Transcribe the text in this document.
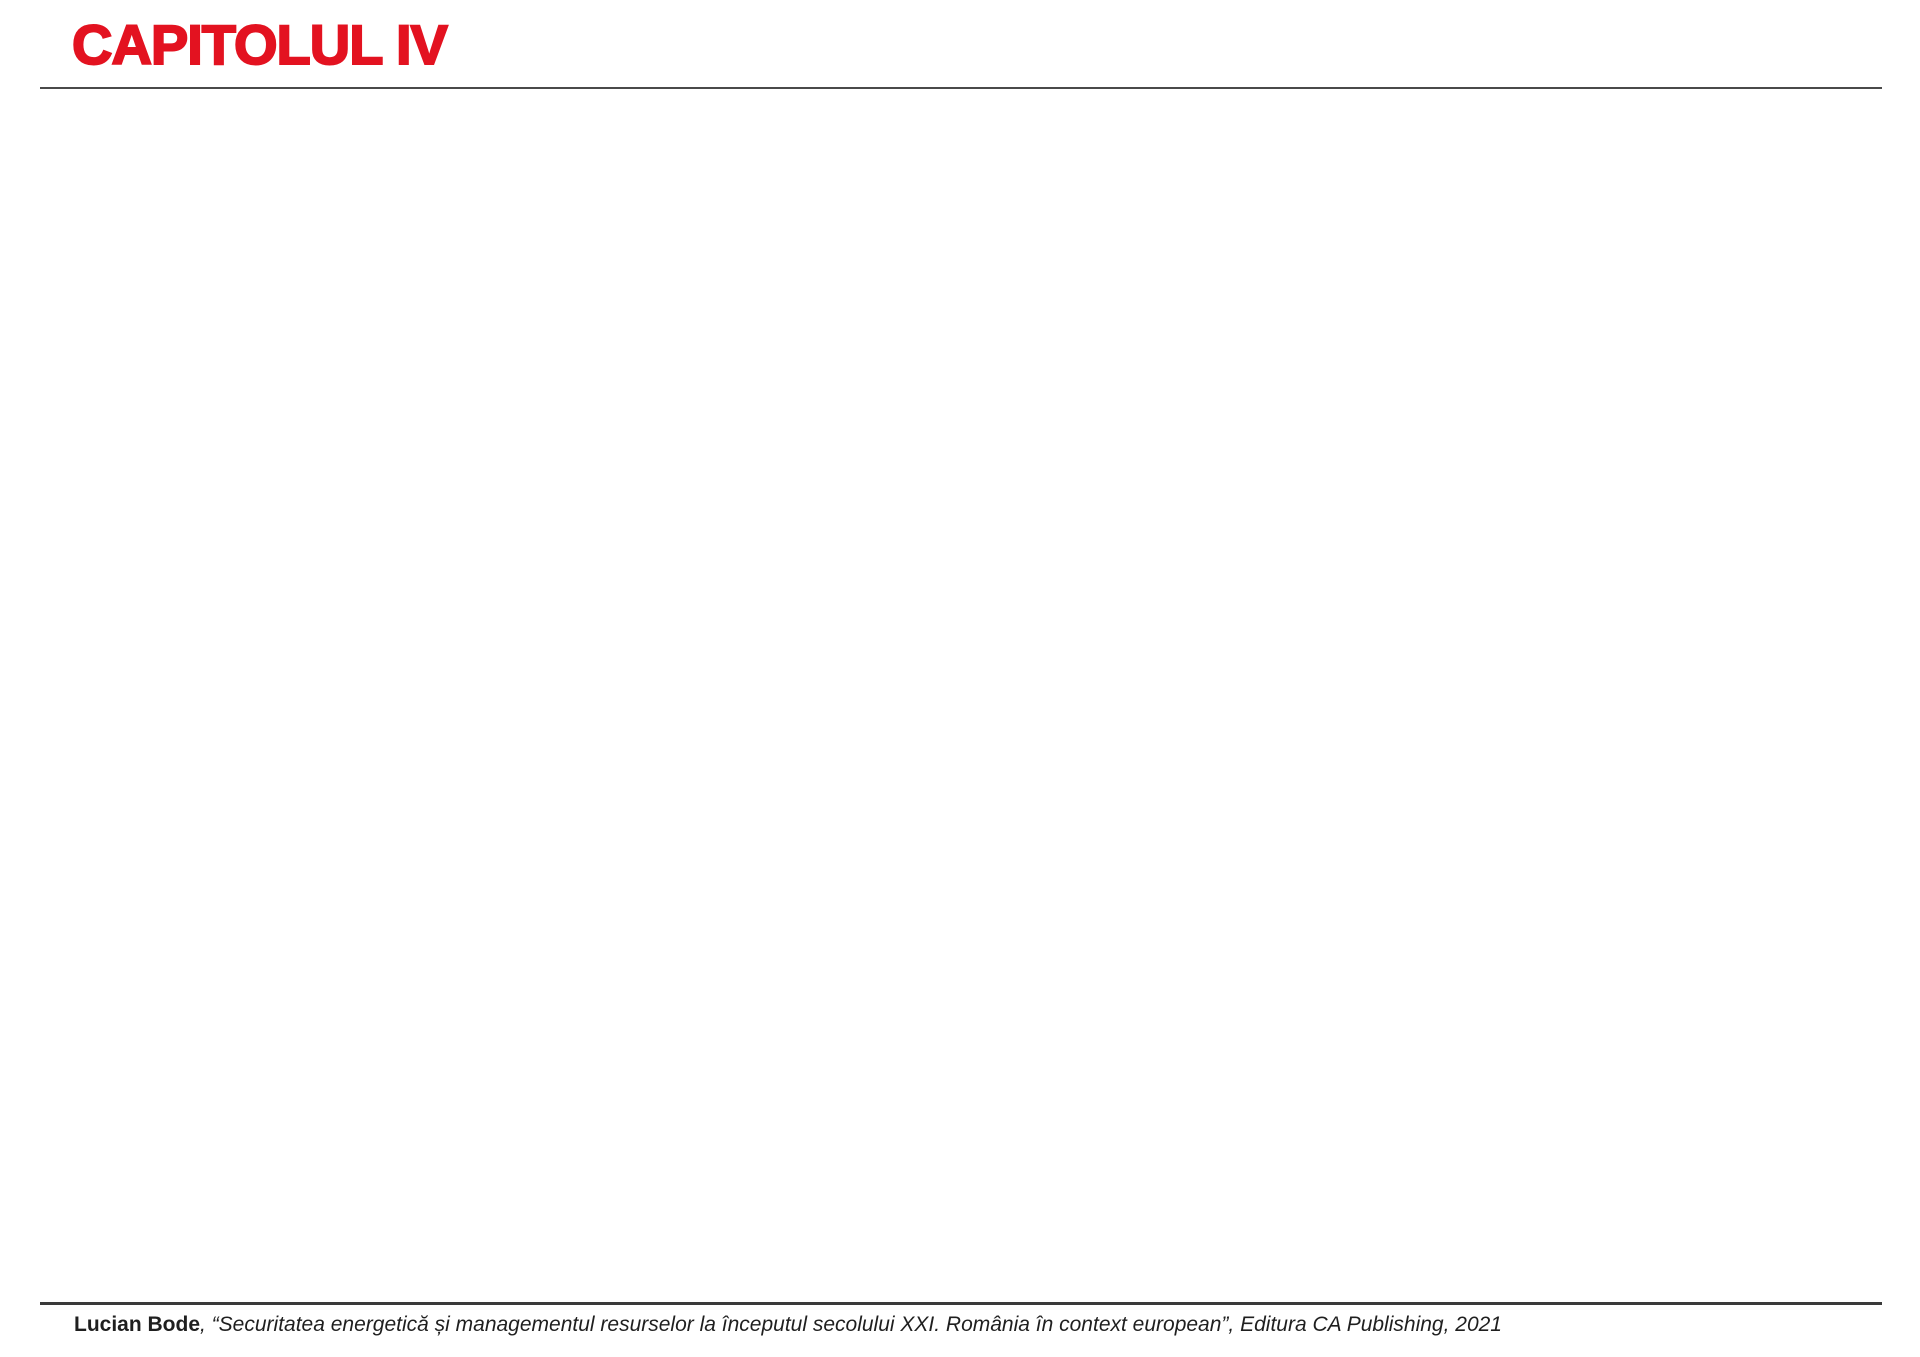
CAPITOLUL IV
Lucian Bode, “Securitatea energetică și managementul resurselor la începutul secolului XXI. România în context european”, Editura CA Publishing, 2021
